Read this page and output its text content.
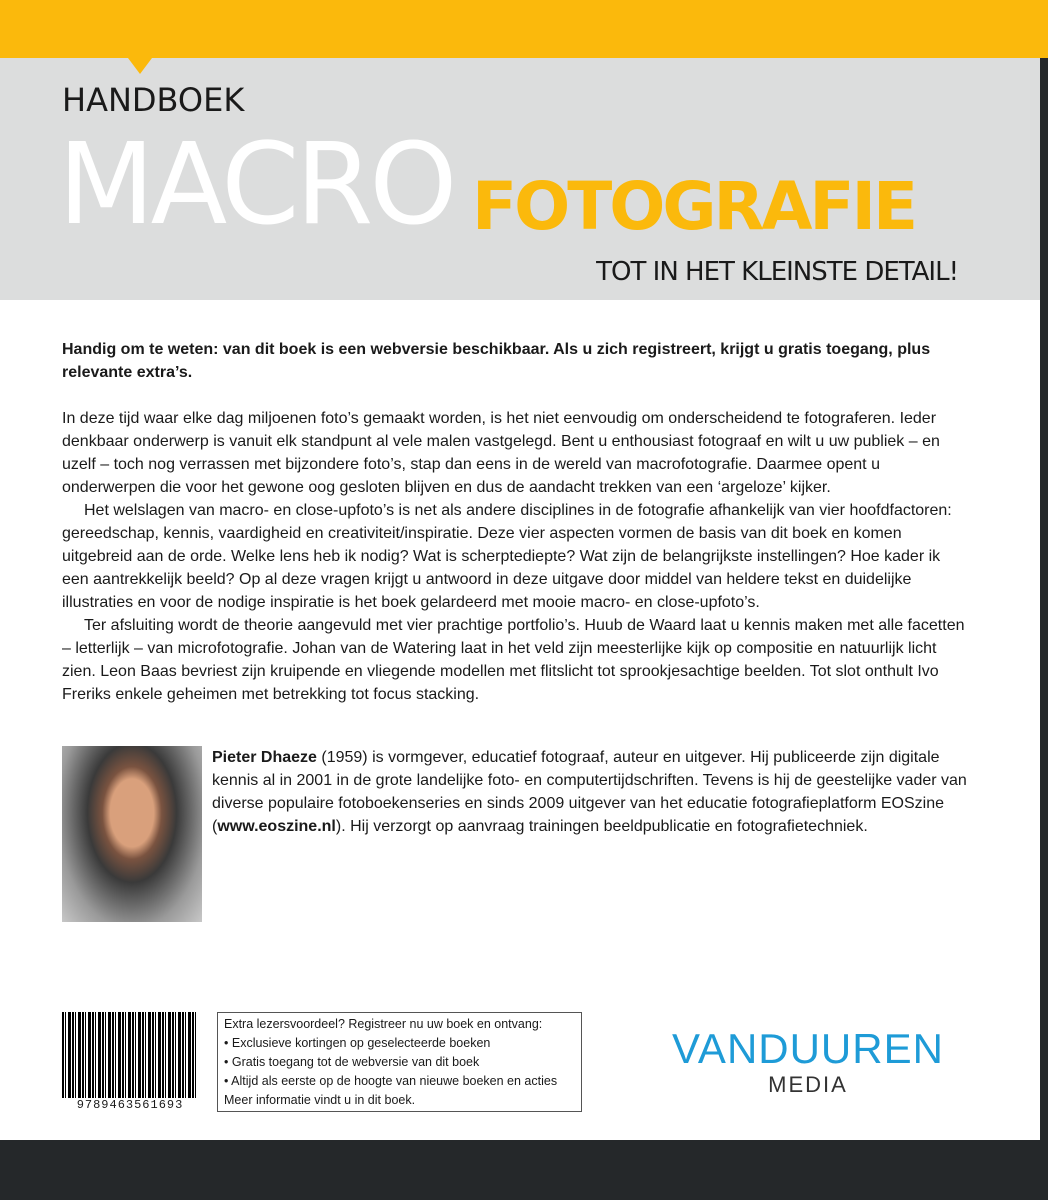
HANDBOEK
MACRO FOTOGRAFIE
TOT IN HET KLEINSTE DETAIL!

Handig om te weten: van dit boek is een webversie beschikbaar. Als u zich registreert, krijgt u gratis toegang, plus relevante extra’s.

In deze tijd waar elke dag miljoenen foto’s gemaakt worden, is het niet eenvoudig om onderscheidend te fotograferen. Ieder denkbaar onderwerp is vanuit elk standpunt al vele malen vastgelegd. Bent u enthousiast fotograaf en wilt u uw publiek – en uzelf – toch nog verrassen met bijzondere foto’s, stap dan eens in de wereld van macrofotografie. Daarmee opent u onderwerpen die voor het gewone oog gesloten blijven en dus de aandacht trekken van een ‘argeloze’ kijker.

Het welslagen van macro- en close-upfoto’s is net als andere disciplines in de fotografie afhankelijk van vier hoofdfactoren: gereedschap, kennis, vaardigheid en creativiteit/inspiratie. Deze vier aspecten vormen de basis van dit boek en komen uitgebreid aan de orde. Welke lens heb ik nodig? Wat is scherptediepte? Wat zijn de belangrijkste instellingen? Hoe kader ik een aantrekkelijk beeld? Op al deze vragen krijgt u antwoord in deze uitgave door middel van heldere tekst en duidelijke illustraties en voor de nodige inspiratie is het boek gelardeerd met mooie macro- en close-upfoto’s.

Ter afsluiting wordt de theorie aangevuld met vier prachtige portfolio’s. Huub de Waard laat u kennis maken met alle facetten – letterlijk – van microfotografie. Johan van de Watering laat in het veld zijn meesterlijke kijk op compositie en natuurlijk licht zien. Leon Baas bevriest zijn kruipende en vliegende modellen met flitslicht tot sprookjesachtige beelden. Tot slot onthult Ivo Freriks enkele geheimen met betrekking tot focus stacking.

Pieter Dhaeze (1959) is vormgever, educatief fotograaf, auteur en uitgever. Hij publiceerde zijn digitale kennis al in 2001 in de grote landelijke foto- en computertijdschriften. Tevens is hij de geestelijke vader van diverse populaire fotoboekenseries en sinds 2009 uitgever van het educatie fotografieplatform EOSzine (www.eoszine.nl). Hij verzorgt op aanvraag trainingen beeldpublicatie en fotografietechniek.
9789463561693
Extra lezersvoordeel? Registreer nu uw boek en ontvang:
• Exclusieve kortingen op geselecteerde boeken
• Gratis toegang tot de webversie van dit boek
• Altijd als eerste op de hoogte van nieuwe boeken en acties
Meer informatie vindt u in dit boek.
VANDUUREN
MEDIA
